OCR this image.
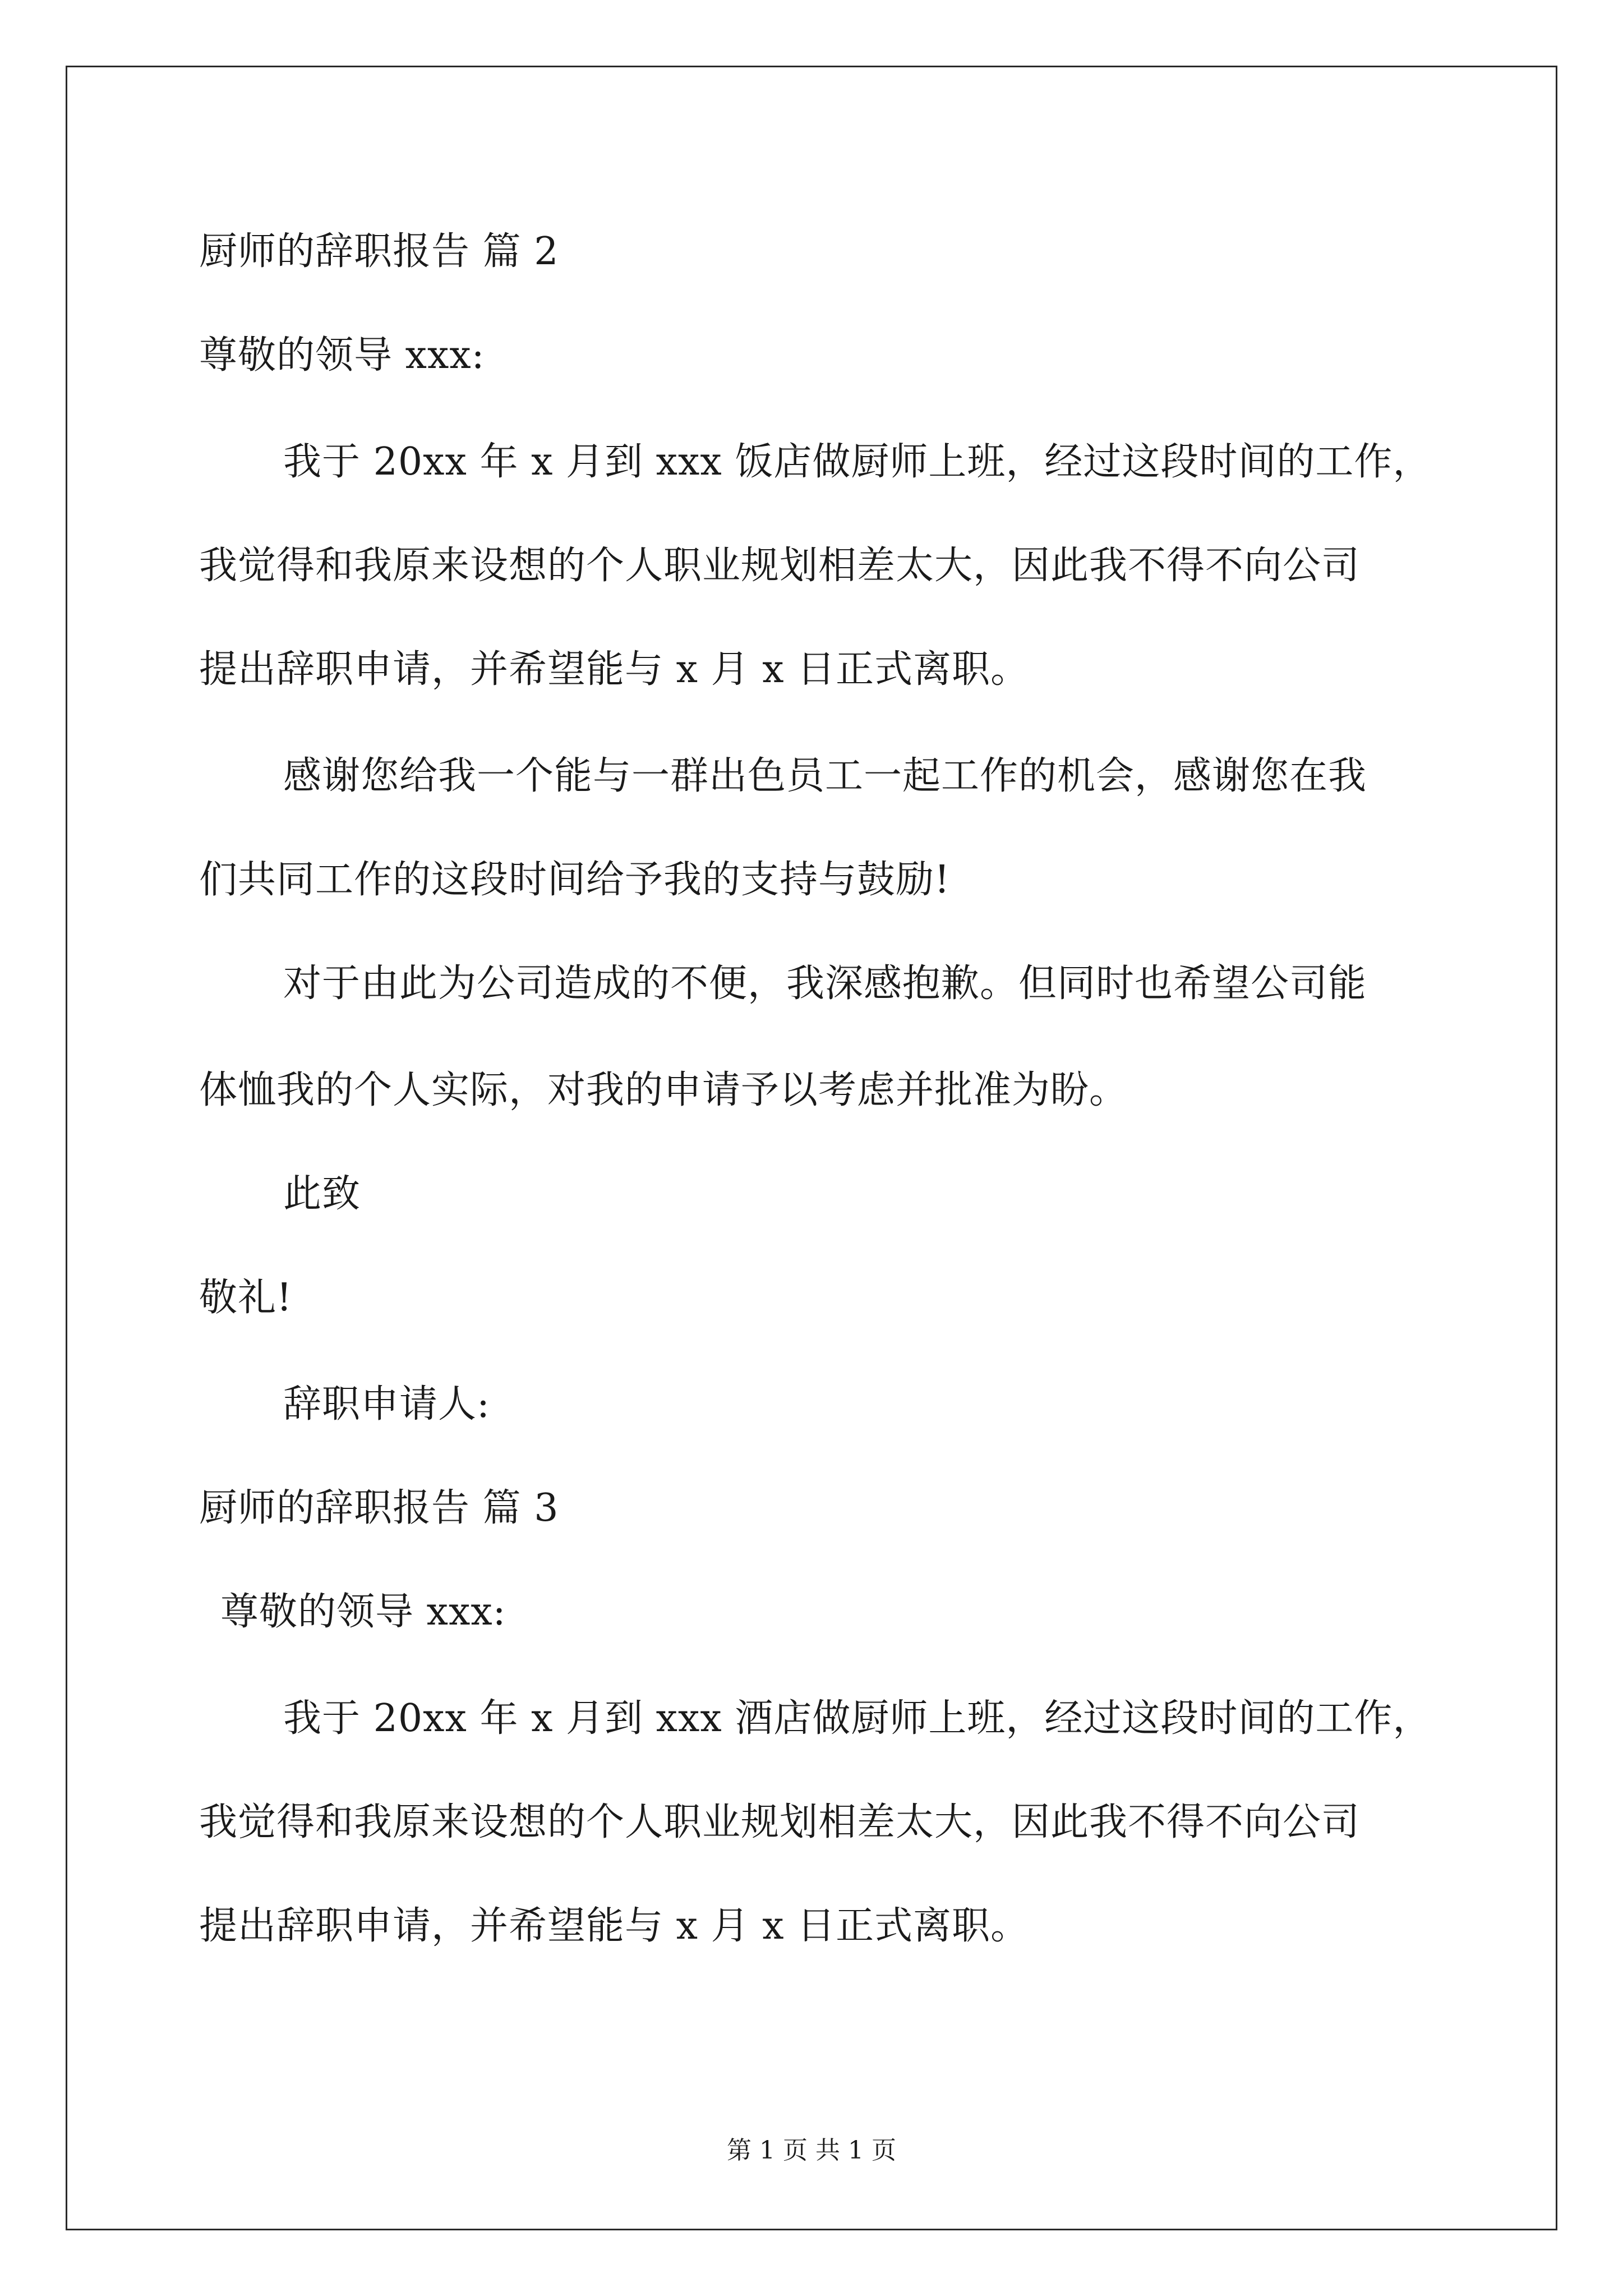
厨师的辞职报告 篇 2
尊敬的领导 xxx:
我于 20xx 年 x 月到 xxx 饭店做厨师上班，经过这段时间的工作，
我觉得和我原来设想的个人职业规划相差太大，因此我不得不向公司
提出辞职申请，并希望能与 x 月 x 日正式离职。
感谢您给我一个能与一群出色员工一起工作的机会，感谢您在我
们共同工作的这段时间给予我的支持与鼓励!
对于由此为公司造成的不便，我深感抱歉。但同时也希望公司能
体恤我的个人实际，对我的申请予以考虑并批准为盼。
此致
敬礼!
辞职申请人:
厨师的辞职报告 篇 3
尊敬的领导 xxx:
我于 20xx 年 x 月到 xxx 酒店做厨师上班，经过这段时间的工作，
我觉得和我原来设想的个人职业规划相差太大，因此我不得不向公司
提出辞职申请，并希望能与 x 月 x 日正式离职。
第 1 页 共 1 页
